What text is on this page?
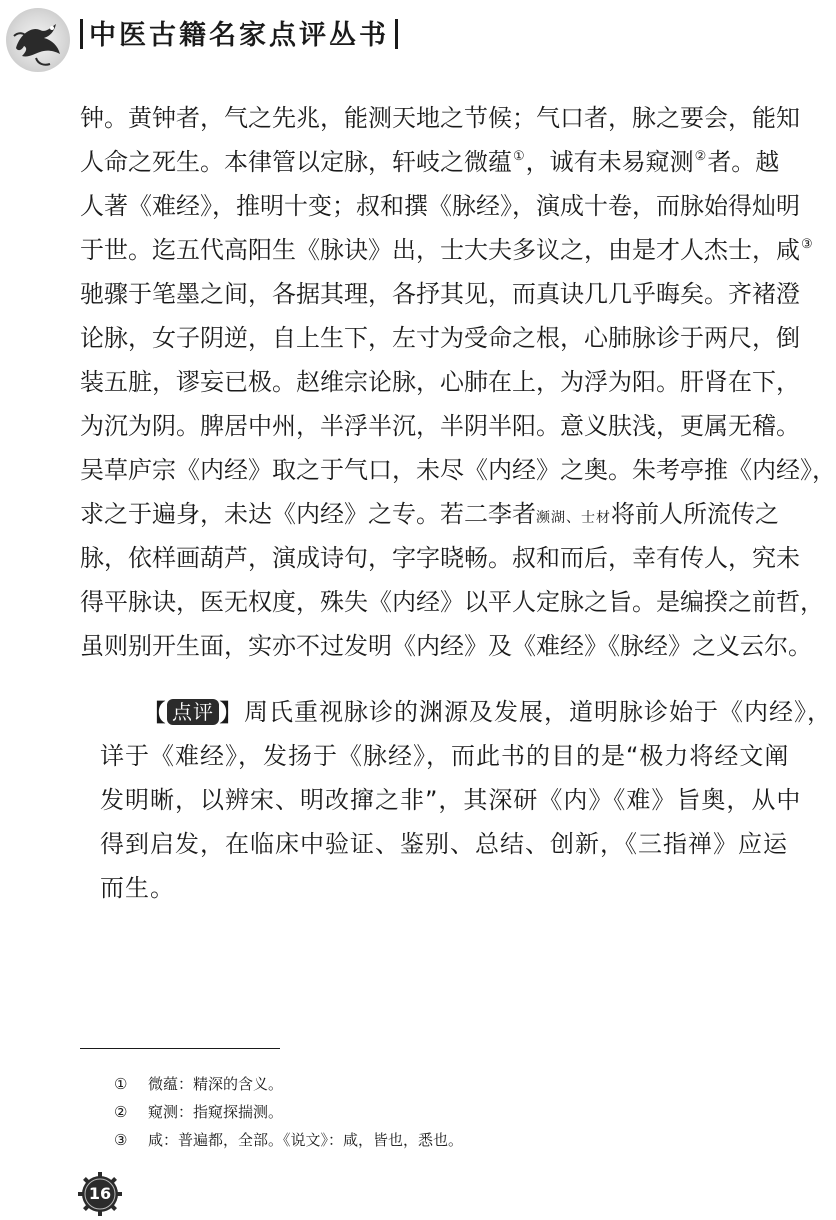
中医古籍名家点评丛书
钟。黄钟者，气之先兆，能测天地之节候；气口者，脉之要会，能知
人命之死生。本律管以定脉，轩岐之微蕴①，诚有未易窥测②者。越
人著《难经》，推明十变；叔和撰《脉经》，演成十卷，而脉始得灿明
于世。迄五代高阳生《脉诀》出，士大夫多议之，由是才人杰士，咸③
驰骤于笔墨之间，各据其理，各抒其见，而真诀几几乎晦矣。齐褚澄
论脉，女子阴逆，自上生下，左寸为受命之根，心肺脉诊于两尺，倒
装五脏，谬妄已极。赵维宗论脉，心肺在上，为浮为阳。肝肾在下，
为沉为阴。脾居中州，半浮半沉，半阴半阳。意义肤浅，更属无稽。
吴草庐宗《内经》取之于气口，未尽《内经》之奥。朱考亭推《内经》，
求之于遍身，未达《内经》之专。若二李者濒湖、士材将前人所流传之
脉，依样画葫芦，演成诗句，字字晓畅。叔和而后，幸有传人，究未
得平脉诀，医无权度，殊失《内经》以平人定脉之旨。是编揆之前哲，
虽则别开生面，实亦不过发明《内经》及《难经》《脉经》之义云尔。
【 点评 】周氏重视脉诊的渊源及发展，道明脉诊始于《内经》，
详于《难经》，发扬于《脉经》，而此书的目的是“极力将经文阐
发明晰，以辨宋、明改撺之非”，其深研《内》《难》旨奥，从中
得到启发，在临床中验证、鉴别、总结、创新，《三指禅》应运
而生。
① 微蕴：精深的含义。
② 窥测：指窥探揣测。
③ 咸：普遍都，全部。《说文》：咸，皆也，悉也。
16
